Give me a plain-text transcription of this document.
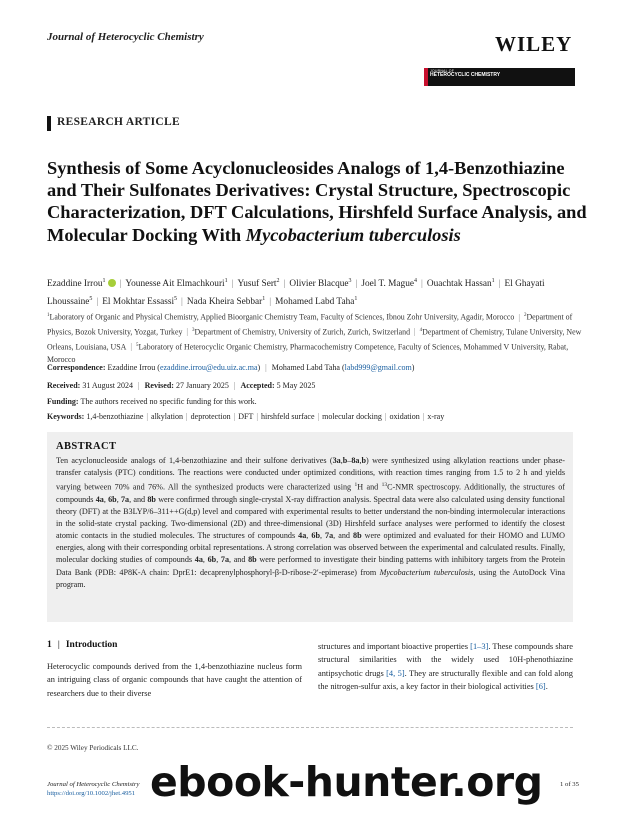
Journal of Heterocyclic Chemistry	WILEY
JOURNAL OF
HETEROCYCLIC CHEMISTRY
RESEARCH ARTICLE
Synthesis of Some Acyclonucleosides Analogs of 1,4-Benzothiazine and Their Sulfonates Derivatives: Crystal Structure, Spectroscopic Characterization, DFT Calculations, Hirshfeld Surface Analysis, and Molecular Docking With Mycobacterium tuberculosis
Ezaddine Irrou$^1$ | Younesse Ait Elmachkouri$^1$ | Yusuf Sert$^2$ | Olivier Blacque$^3$ | Joel T. Mague$^4$ | Ouachtak Hassan$^1$ | El Ghayati Lhoussaine$^5$ | El Mokhtar Essassi$^5$ | Nada Kheira Sebbar$^1$ | Mohamed Labd Taha$^1$
$^1$Laboratory of Organic and Physical Chemistry, Applied Bioorganic Chemistry Team, Faculty of Sciences, Ibnou Zohr University, Agadir, Morocco | $^2$Department of Physics, Bozok University, Yozgat, Turkey | $^3$Department of Chemistry, University of Zurich, Zurich, Switzerland | $^4$Department of Chemistry, Tulane University, New Orleans, Louisiana, USA | $^5$Laboratory of Heterocyclic Organic Chemistry, Pharmacochemistry Competence, Faculty of Sciences, Mohammed V University, Rabat, Morocco
Correspondence: Ezaddine Irrou (ezaddine.irrou@edu.uiz.ac.ma) | Mohamed Labd Taha (labd999@gmail.com)
Received: 31 August 2024 | Revised: 27 January 2025 | Accepted: 5 May 2025
Funding: The authors received no specific funding for this work.
Keywords: 1,4-benzothiazine | alkylation | deprotection | DFT | hirshfeld surface | molecular docking | oxidation | x-ray
ABSTRACT
Ten acyclonucleoside analogs of 1,4-benzothiazine and their sulfone derivatives (3a,b–8a,b) were synthesized using alkylation reactions under phase-transfer catalysis (PTC) conditions. The reactions were conducted under optimized conditions, with reaction times ranging from 1.5 to 2 h and yields varying between 70% and 76%. All the synthesized products were characterized using $^1$H and $^{13}$C-NMR spectroscopy. Additionally, the structures of compounds 4a, 6b, 7a, and 8b were confirmed through single-crystal X-ray diffraction analysis. Spectral data were also calculated using density functional theory (DFT) at the B3LYP/6–311++G(d,p) level and compared with experimental results to better understand the non-binding intermolecular interactions in the solid-state crystal packing. Two-dimensional (2D) and three-dimensional (3D) Hirshfeld surface analyses were performed to identify the closest atomic contacts in the studied molecules. The structures of compounds 4a, 6b, 7a, and 8b were optimized and evaluated for their HOMO and LUMO energies, along with their corresponding orbital representations. A strong correlation was observed between the experimental and calculated results. Finally, molecular docking studies of compounds 4a, 6b, 7a, and 8b were performed to investigate their binding patterns with inhibitory targets from the Protein Data Bank (PDB: 4P8K-A chain: DprE1: decaprenylphosphoryl-β-D-ribose-2′-epimerase) from Mycobacterium tuberculosis, using the AutoDock Vina program.
1 | Introduction
Heterocyclic compounds derived from the 1,4-benzothiazine nucleus form an intriguing class of organic compounds that have caught the attention of researchers due to their diverse
structures and important bioactive properties [1–3]. These compounds share structural similarities with the widely used 10H-phenothiazine antipsychotic drugs [4, 5]. They are structurally flexible and can fold along the nitrogen-sulfur axis, a key factor in their biological activities [6].
© 2025 Wiley Periodicals LLC.
Journal of Heterocyclic Chemistry
https://doi.org/10.1002/jhet.4951
1 of 35
ebook-hunter.org
